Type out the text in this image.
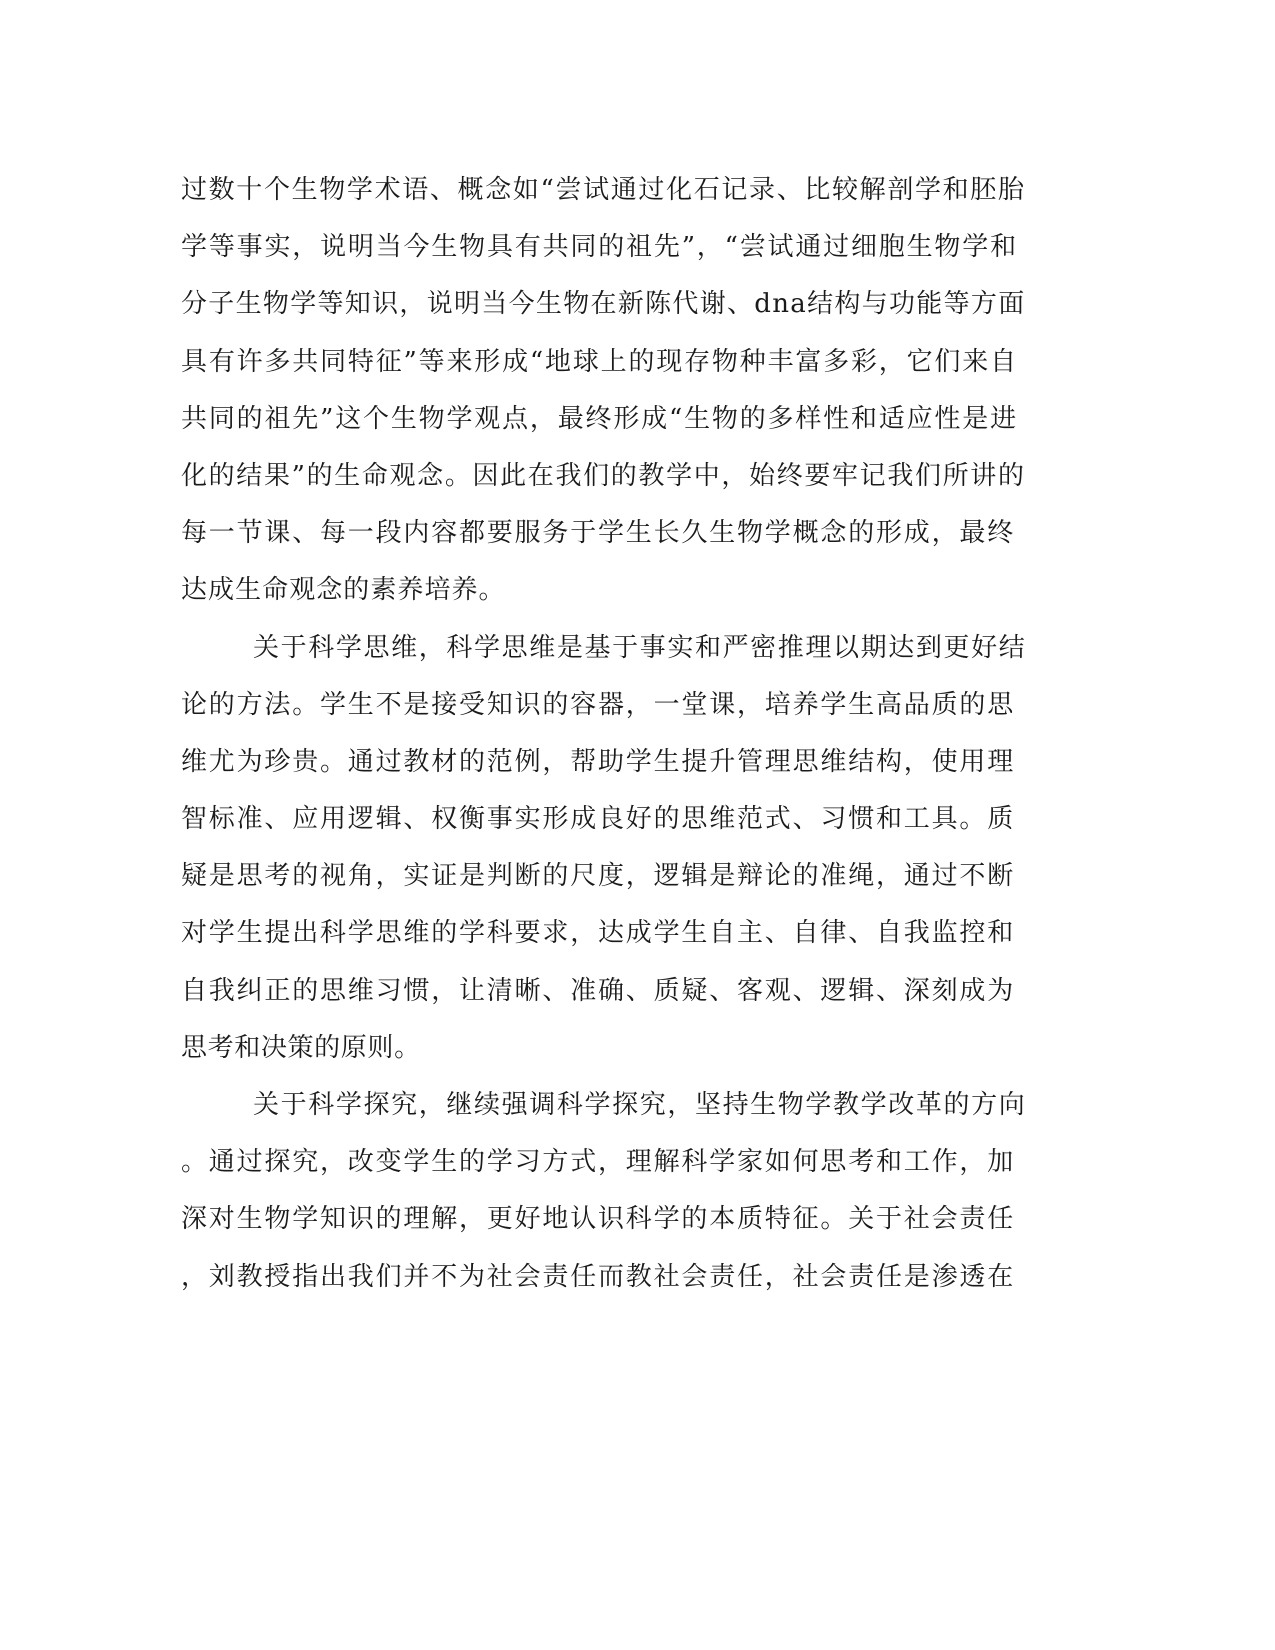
过数十个生物学术语、概念如“尝试通过化石记录、比较解剖学和胚胎
学等事实，说明当今生物具有共同的祖先”，“尝试通过细胞生物学和
分子生物学等知识，说明当今生物在新陈代谢、dna结构与功能等方面
具有许多共同特征”等来形成“地球上的现存物种丰富多彩，它们来自
共同的祖先”这个生物学观点，最终形成“生物的多样性和适应性是进
化的结果”的生命观念。因此在我们的教学中，始终要牢记我们所讲的
每一节课、每一段内容都要服务于学生长久生物学概念的形成，最终
达成生命观念的素养培养。
关于科学思维，科学思维是基于事实和严密推理以期达到更好结
论的方法。学生不是接受知识的容器，一堂课，培养学生高品质的思
维尤为珍贵。通过教材的范例，帮助学生提升管理思维结构，使用理
智标准、应用逻辑、权衡事实形成良好的思维范式、习惯和工具。质
疑是思考的视角，实证是判断的尺度，逻辑是辩论的准绳，通过不断
对学生提出科学思维的学科要求，达成学生自主、自律、自我监控和
自我纠正的思维习惯，让清晰、准确、质疑、客观、逻辑、深刻成为
思考和决策的原则。
关于科学探究，继续强调科学探究，坚持生物学教学改革的方向
。通过探究，改变学生的学习方式，理解科学家如何思考和工作，加
深对生物学知识的理解，更好地认识科学的本质特征。关于社会责任
，刘教授指出我们并不为社会责任而教社会责任，社会责任是渗透在
